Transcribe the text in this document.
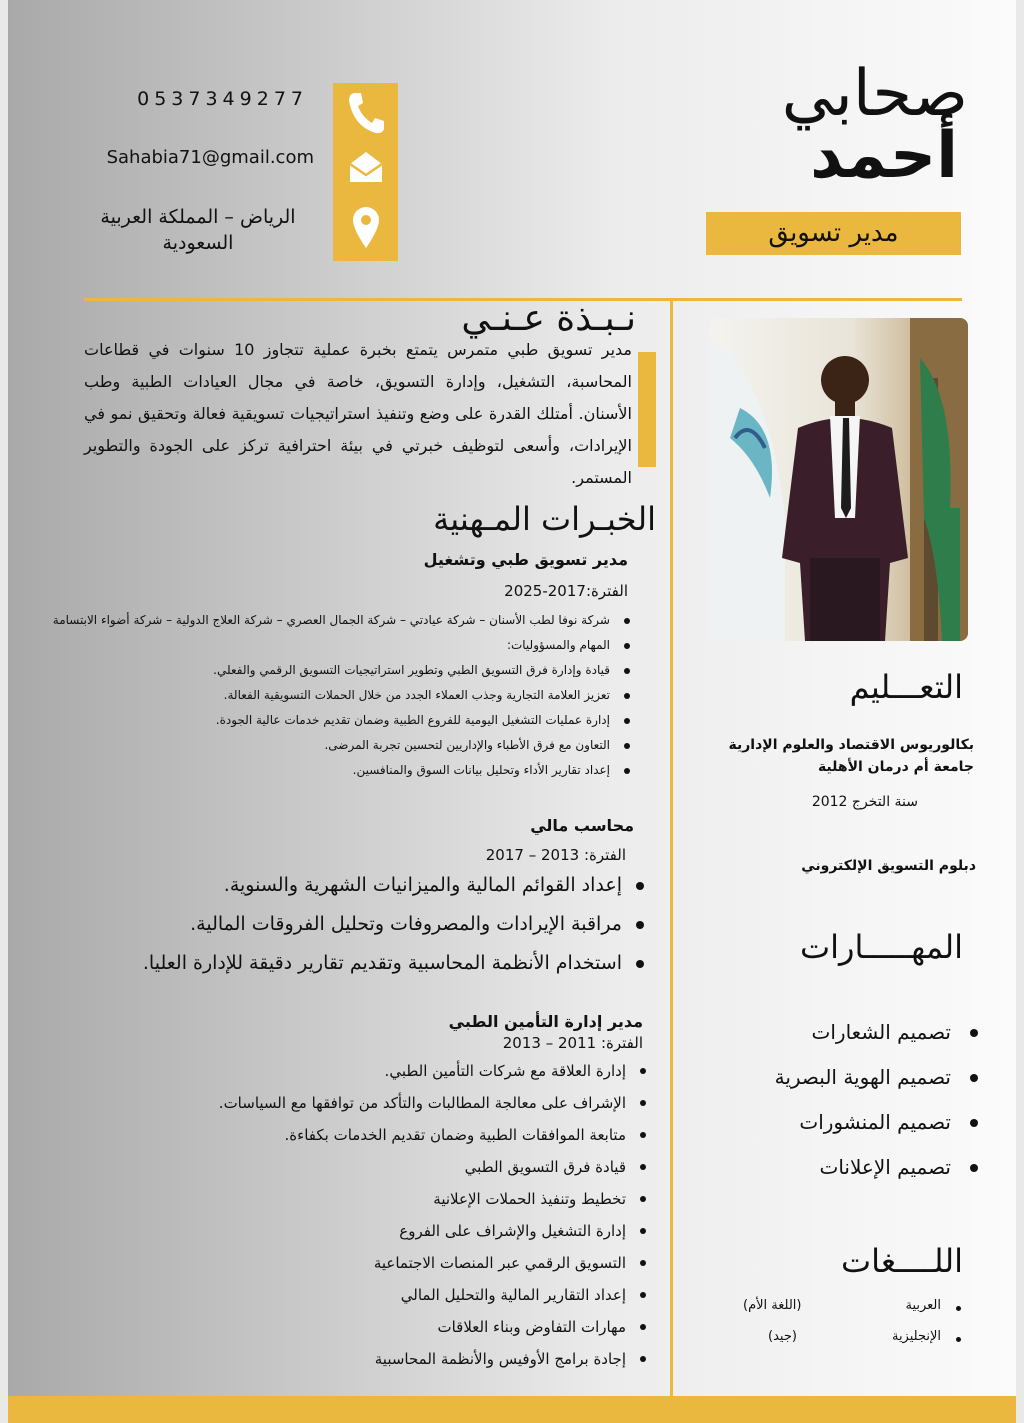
صحابي
أحمد
مدير تسويق
0537349277
Sahabia71@gmail.com
الرياض – المملكة العربية السعودية
نـبـذة عـنـي
مدير تسويق طبي متمرس يتمتع بخبرة عملية تتجاوز 10 سنوات في قطاعات المحاسبة، التشغيل، وإدارة التسويق، خاصة في مجال العيادات الطبية وطب الأسنان. أمتلك القدرة على وضع وتنفيذ استراتيجيات تسويقية فعالة وتحقيق نمو في الإيرادات، وأسعى لتوظيف خبرتي في بيئة احترافية تركز على الجودة والتطوير المستمر.
الخبـرات المـهنية
مدير تسويق طبي وتشغيل
الفترة:2017-2025
شركة نوفا لطب الأسنان – شركة عيادتي – شركة الجمال العصري – شركة العلاج الدولية – شركة أضواء الابتسامة
المهام والمسؤوليات:
قيادة وإدارة فرق التسويق الطبي وتطوير استراتيجيات التسويق الرقمي والفعلي.
تعزيز العلامة التجارية وجذب العملاء الجدد من خلال الحملات التسويقية الفعالة.
إدارة عمليات التشغيل اليومية للفروع الطبية وضمان تقديم خدمات عالية الجودة.
التعاون مع فرق الأطباء والإداريين لتحسين تجربة المرضى.
إعداد تقارير الأداء وتحليل بيانات السوق والمنافسين.
محاسب مالي
الفترة: 2013 – 2017
إعداد القوائم المالية والميزانيات الشهرية والسنوية.
مراقبة الإيرادات والمصروفات وتحليل الفروقات المالية.
استخدام الأنظمة المحاسبية وتقديم تقارير دقيقة للإدارة العليا.
مدير إدارة التأمين الطبي
الفترة: 2011 – 2013
إدارة العلاقة مع شركات التأمين الطبي.
الإشراف على معالجة المطالبات والتأكد من توافقها مع السياسات.
متابعة الموافقات الطبية وضمان تقديم الخدمات بكفاءة.
قيادة فرق التسويق الطبي
تخطيط وتنفيذ الحملات الإعلانية
إدارة التشغيل والإشراف على الفروع
التسويق الرقمي عبر المنصات الاجتماعية
إعداد التقارير المالية والتحليل المالي
مهارات التفاوض وبناء العلاقات
إجادة برامج الأوفيس والأنظمة المحاسبية
التعـــليم
بكالوريوس الاقتصاد والعلوم الإدارية
جامعة أم درمان الأهلية
سنة التخرج 2012
دبلوم التسويق الإلكتروني
المهـــــارات
تصميم الشعارات
تصميم الهوية البصرية
تصميم المنشورات
تصميم الإعلانات
اللــــغات
العربية
(اللغة الأم)
الإنجليزية
(جيد)
